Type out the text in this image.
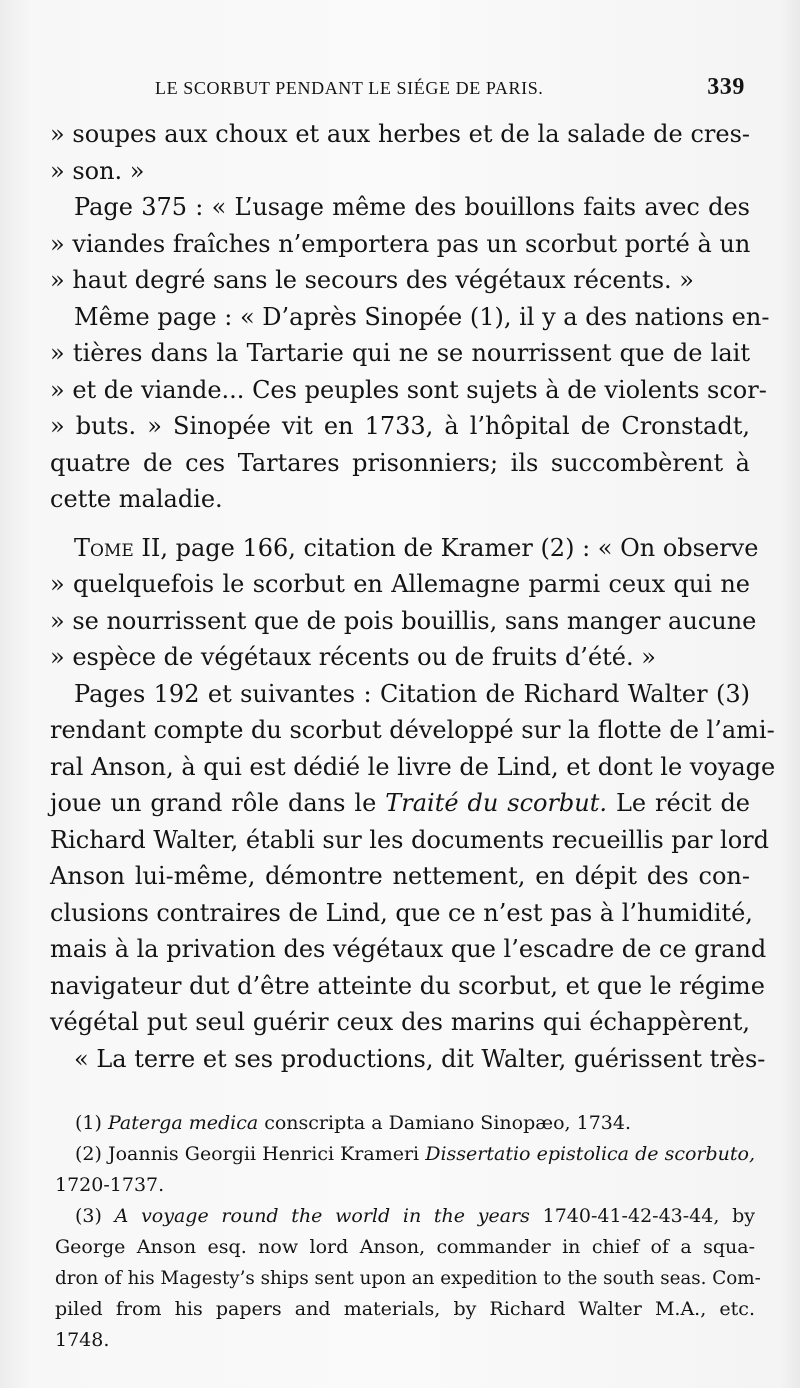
LE SCORBUT PENDANT LE SIÉGE DE PARIS.	339
» soupes aux choux et aux herbes et de la salade de cres-
» son. »
Page 375 : « L’usage même des bouillons faits avec des
» viandes fraîches n’emportera pas un scorbut porté à un
» haut degré sans le secours des végétaux récents. »
Même page : « D’après Sinopée (1), il y a des nations en-
» tières dans la Tartarie qui ne se nourrissent que de lait
» et de viande... Ces peuples sont sujets à de violents scor-
» buts. » Sinopée vit en 1733, à l’hôpital de Cronstadt,
quatre de ces Tartares prisonniers; ils succombèrent à
cette maladie.
Tome II, page 166, citation de Kramer (2) : « On observe
» quelquefois le scorbut en Allemagne parmi ceux qui ne
» se nourrissent que de pois bouillis, sans manger aucune
» espèce de végétaux récents ou de fruits d’été. »
Pages 192 et suivantes : Citation de Richard Walter (3)
rendant compte du scorbut développé sur la flotte de l’ami-
ral Anson, à qui est dédié le livre de Lind, et dont le voyage
joue un grand rôle dans le Traité du scorbut. Le récit de
Richard Walter, établi sur les documents recueillis par lord
Anson lui-même, démontre nettement, en dépit des con-
clusions contraires de Lind, que ce n’est pas à l’humidité,
mais à la privation des végétaux que l’escadre de ce grand
navigateur dut d’être atteinte du scorbut, et que le régime
végétal put seul guérir ceux des marins qui échappèrent,
« La terre et ses productions, dit Walter, guérissent très-
(1) Paterga medica conscripta a Damiano Sinopæo, 1734.
(2) Joannis Georgii Henrici Krameri Dissertatio epistolica de scorbuto,
1720-1737.
(3) A voyage round the world in the years 1740-41-42-43-44, by
George Anson esq. now lord Anson, commander in chief of a squa-
dron of his Magesty’s ships sent upon an expedition to the south seas. Com-
piled from his papers and materials, by Richard Walter M.A., etc.
1748.
